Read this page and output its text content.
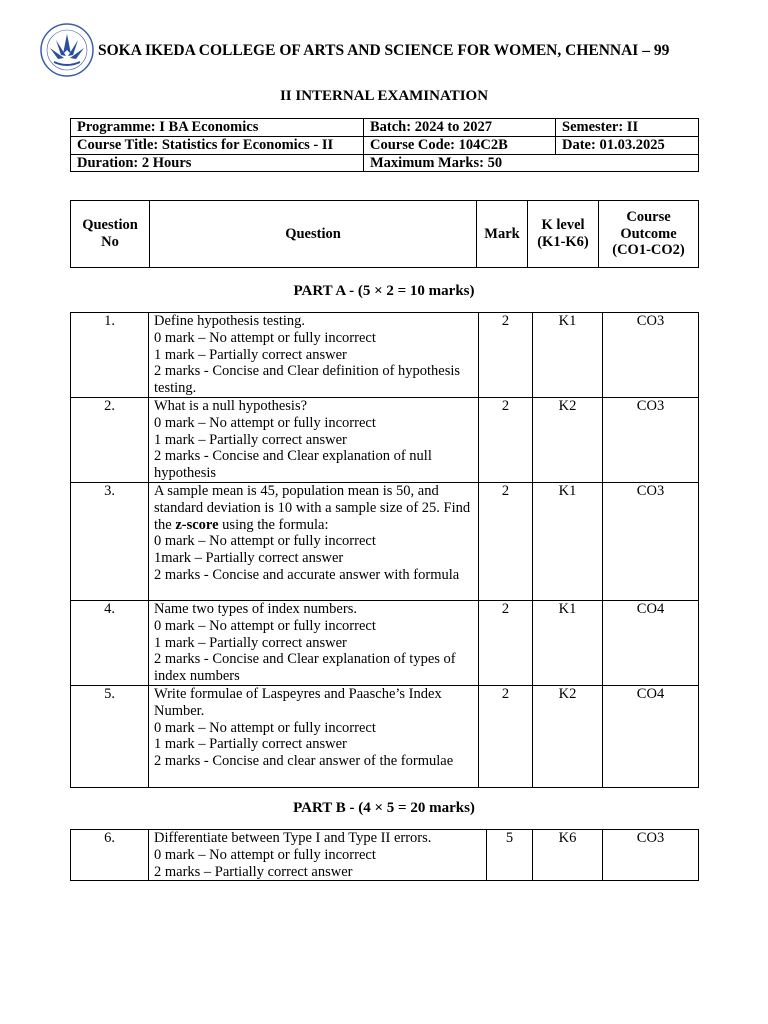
SOKA IKEDA COLLEGE OF ARTS AND SCIENCE FOR WOMEN, CHENNAI – 99
II INTERNAL EXAMINATION
Programme: I BA Economics	Batch: 2024 to 2027	Semester: II
Course Title: Statistics for Economics - II	Course Code: 104C2B	Date: 01.03.2025
Duration: 2 Hours	Maximum Marks: 50	
Question No	Question	Mark	K level (K1-K6)	Course Outcome (CO1-CO2)
PART A - (5 × 2 = 10 marks)
1.	Define hypothesis testing.
0 mark – No attempt or fully incorrect
1 mark – Partially correct answer
2 marks - Concise and Clear definition of hypothesis testing.	2	K1	CO3
2.	What is a null hypothesis?
0 mark – No attempt or fully incorrect
1 mark – Partially correct answer
2 marks - Concise and Clear explanation of null hypothesis	2	K2	CO3
3.	A sample mean is 45, population mean is 50, and standard deviation is 10 with a sample size of 25. Find the z-score using the formula:
0 mark – No attempt or fully incorrect
1mark – Partially correct answer
2 marks - Concise and accurate answer with formula	2	K1	CO3
4.	Name two types of index numbers.
0 mark – No attempt or fully incorrect
1 mark – Partially correct answer
2 marks - Concise and Clear explanation of types of index numbers	2	K1	CO4
5.	Write formulae of Laspeyres and Paasche’s Index Number.
0 mark – No attempt or fully incorrect
1 mark – Partially correct answer
2 marks - Concise and clear answer of the formulae	2	K2	CO4
PART B - (4 × 5 = 20 marks)
6.	Differentiate between Type I and Type II errors.
0 mark – No attempt or fully incorrect
2 marks – Partially correct answer
	5	K6	CO3
